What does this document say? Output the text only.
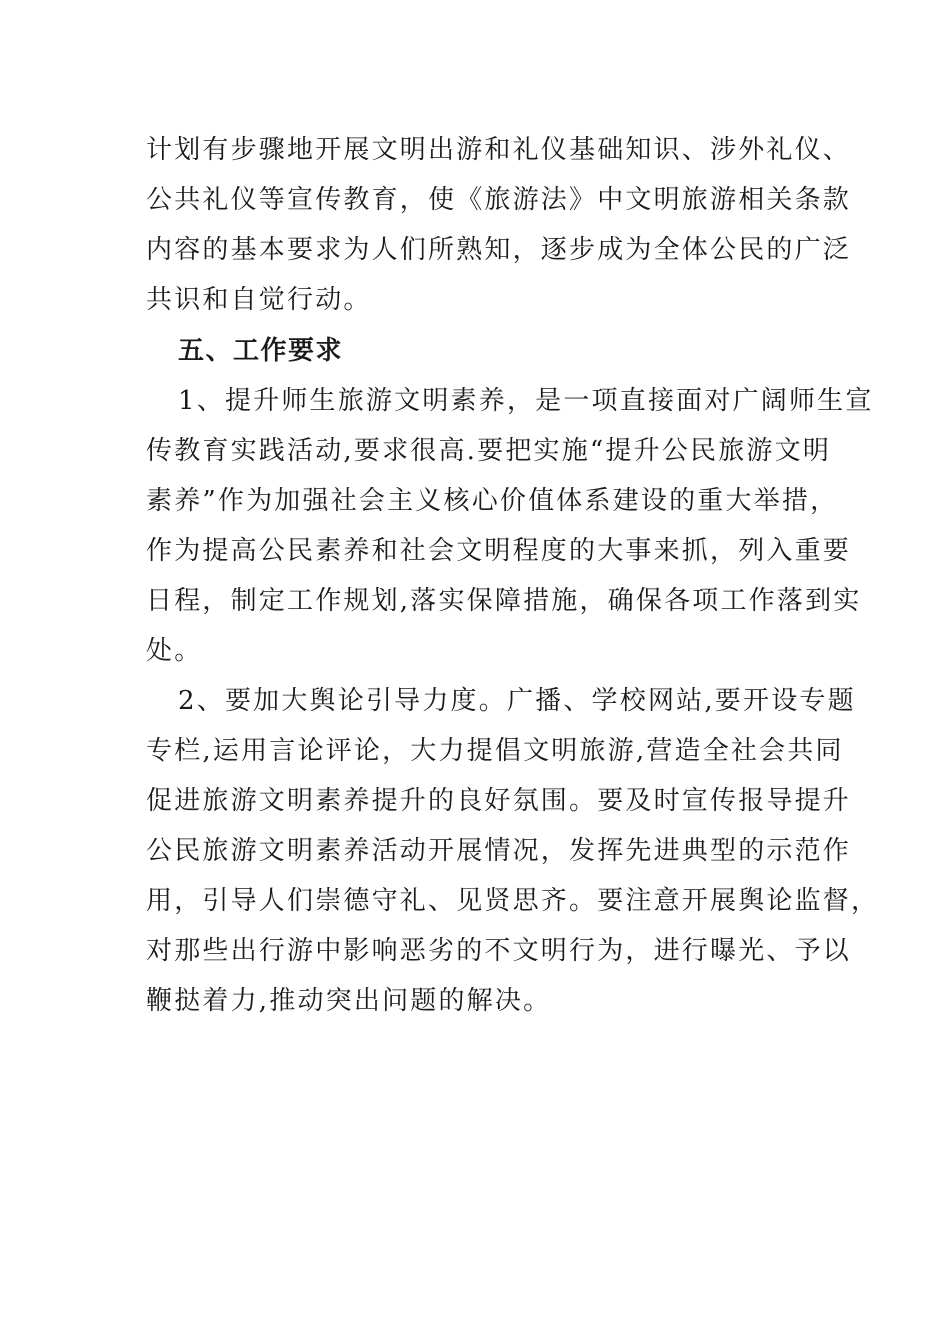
计划有步骤地开展文明出游和礼仪基础知识、涉外礼仪、
公共礼仪等宣传教育，使《旅游法》中文明旅游相关条款
内容的基本要求为人们所熟知，逐步成为全体公民的广泛
共识和自觉行动。
五、工作要求
1、提升师生旅游文明素养，是一项直接面对广阔师生宣
传教育实践活动,要求很高.要把实施“提升公民旅游文明
素养”作为加强社会主义核心价值体系建设的重大举措，
作为提高公民素养和社会文明程度的大事来抓，列入重要
日程，制定工作规划,落实保障措施，确保各项工作落到实
处。
2、要加大舆论引导力度。广播、学校网站,要开设专题
专栏,运用言论评论，大力提倡文明旅游,营造全社会共同
促进旅游文明素养提升的良好氛围。要及时宣传报导提升
公民旅游文明素养活动开展情况，发挥先进典型的示范作
用，引导人们崇德守礼、见贤思齐。要注意开展舆论监督，
对那些出行游中影响恶劣的不文明行为，进行曝光、予以
鞭挞着力,推动突出问题的解决。
